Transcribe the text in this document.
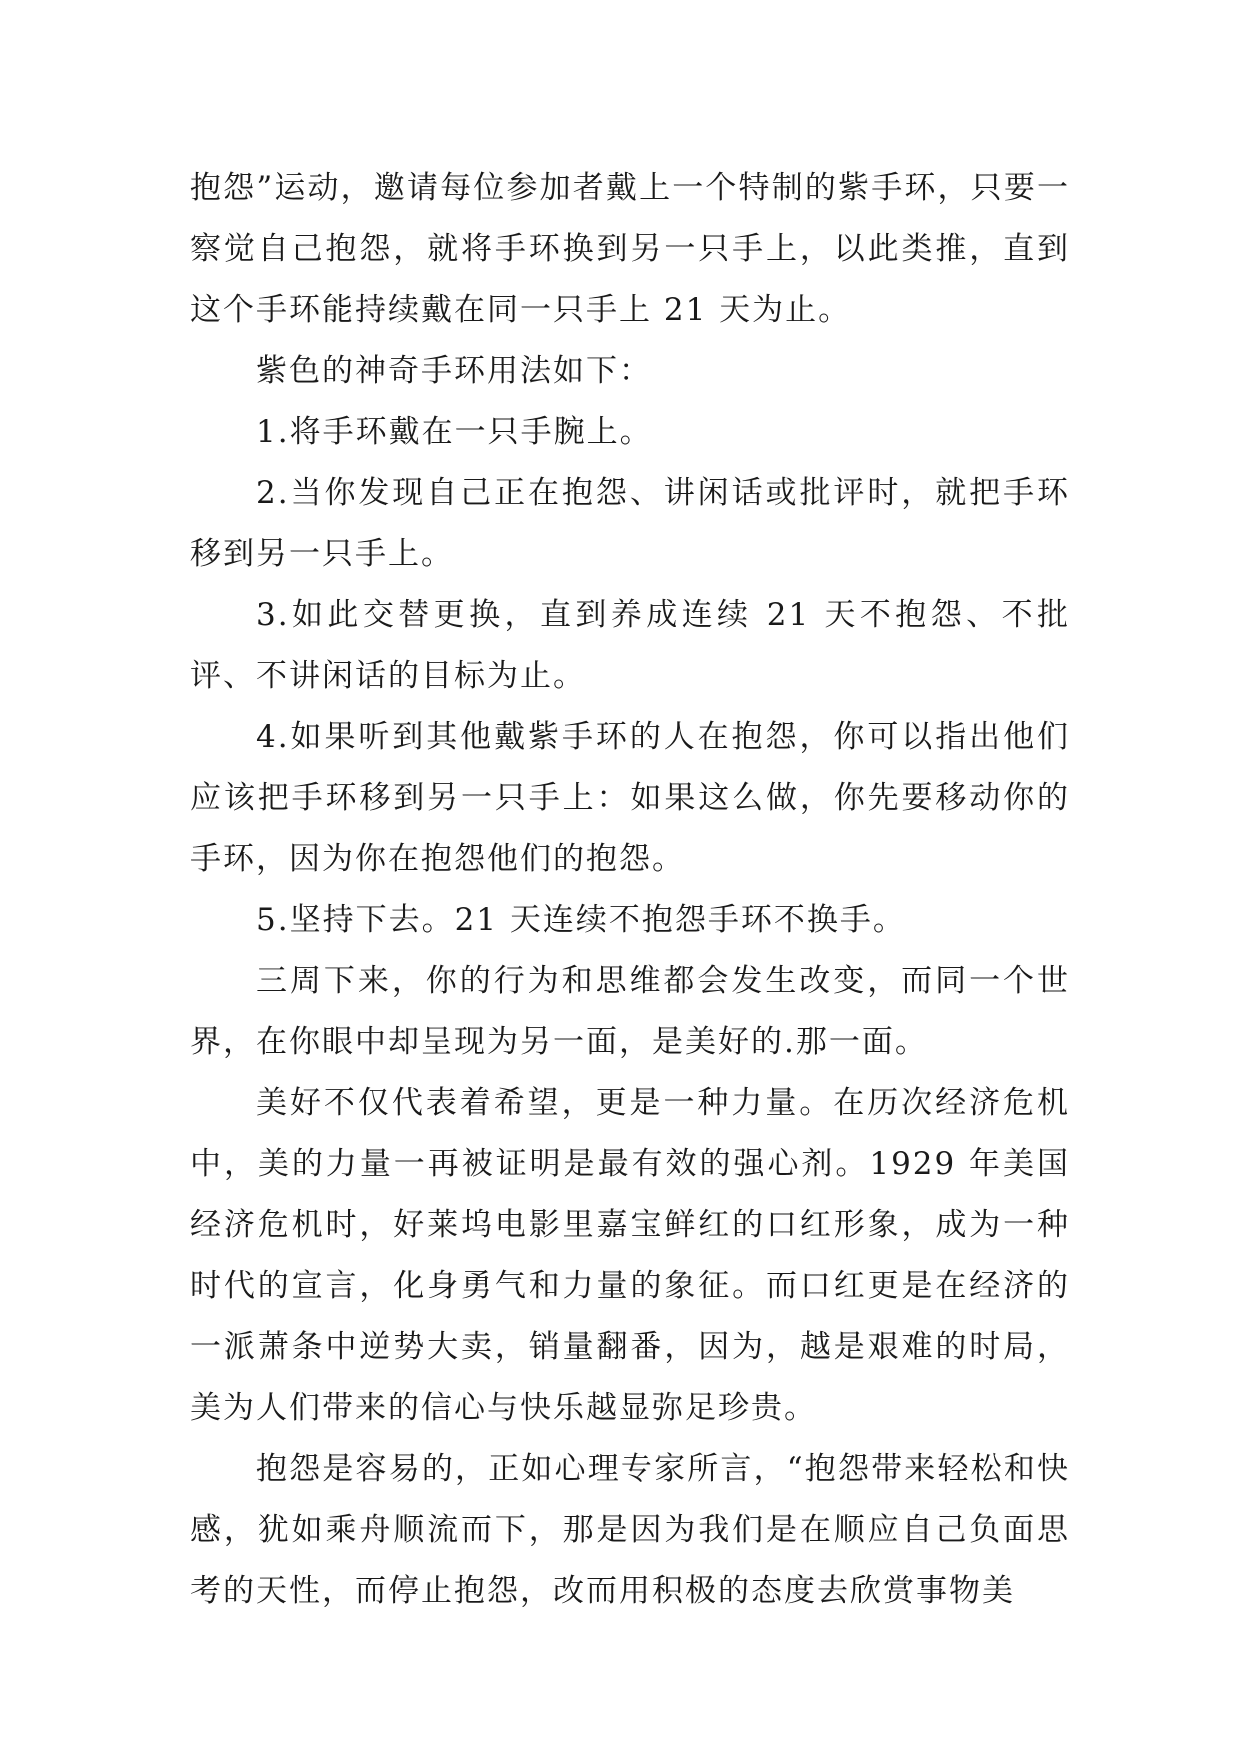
抱怨”运动，邀请每位参加者戴上一个特制的紫手环，只要一察觉自己抱怨，就将手环换到另一只手上，以此类推，直到这个手环能持续戴在同一只手上 21 天为止。

紫色的神奇手环用法如下：

1.将手环戴在一只手腕上。

2.当你发现自己正在抱怨、讲闲话或批评时，就把手环移到另一只手上。

3.如此交替更换，直到养成连续 21 天不抱怨、不批评、不讲闲话的目标为止。

4.如果听到其他戴紫手环的人在抱怨，你可以指出他们应该把手环移到另一只手上：如果这么做，你先要移动你的手环，因为你在抱怨他们的抱怨。

5.坚持下去。21 天连续不抱怨手环不换手。

三周下来，你的行为和思维都会发生改变，而同一个世界，在你眼中却呈现为另一面，是美好的.那一面。

美好不仅代表着希望，更是一种力量。在历次经济危机中，美的力量一再被证明是最有效的强心剂。1929 年美国经济危机时，好莱坞电影里嘉宝鲜红的口红形象，成为一种时代的宣言，化身勇气和力量的象征。而口红更是在经济的一派萧条中逆势大卖，销量翻番，因为，越是艰难的时局，美为人们带来的信心与快乐越显弥足珍贵。

抱怨是容易的，正如心理专家所言，“抱怨带来轻松和快感，犹如乘舟顺流而下，那是因为我们是在顺应自己负面思考的天性，而停止抱怨，改而用积极的态度去欣赏事物美
